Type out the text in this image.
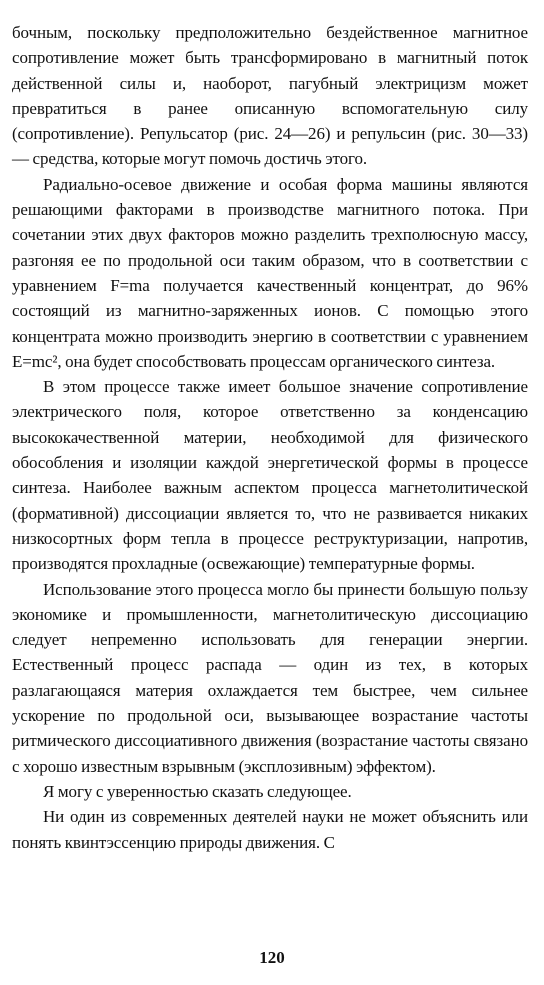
бочным, поскольку предположительно бездейственное магнитное сопротивление может быть трансформировано в магнитный поток действенной силы и, наоборот, пагубный электрицизм может превратиться в ранее описанную вспомогательную силу (сопротивление). Репульсатор (рис. 24—26) и репульсин (рис. 30—33) — средства, которые могут помочь достичь этого.

Радиально-осевое движение и особая форма машины являются решающими факторами в производстве магнитного потока. При сочетании этих двух факторов можно разделить трехполюсную массу, разгоняя ее по продольной оси таким образом, что в соответствии с уравнением F=ma получается качественный концентрат, до 96% состоящий из магнитно-заряженных ионов. С помощью этого концентрата можно производить энергию в соответствии с уравнением E=mc², она будет способствовать процессам органического синтеза.

В этом процессе также имеет большое значение сопротивление электрического поля, которое ответственно за конденсацию высококачественной материи, необходимой для физического обособления и изоляции каждой энергетической формы в процессе синтеза. Наиболее важным аспектом процесса магнетолитической (формативной) диссоциации является то, что не развивается никаких низкосортных форм тепла в процессе реструктуризации, напротив, производятся прохладные (освежающие) температурные формы.

Использование этого процесса могло бы принести большую пользу экономике и промышленности, магнетолитическую диссоциацию следует непременно использовать для генерации энергии. Естественный процесс распада — один из тех, в которых разлагающаяся материя охлаждается тем быстрее, чем сильнее ускорение по продольной оси, вызывающее возрастание частоты ритмического диссоциативного движения (возрастание частоты связано с хорошо известным взрывным (эксплозивным) эффектом).

Я могу с уверенностью сказать следующее.

Ни один из современных деятелей науки не может объяснить или понять квинтэссенцию природы движения. С

120
